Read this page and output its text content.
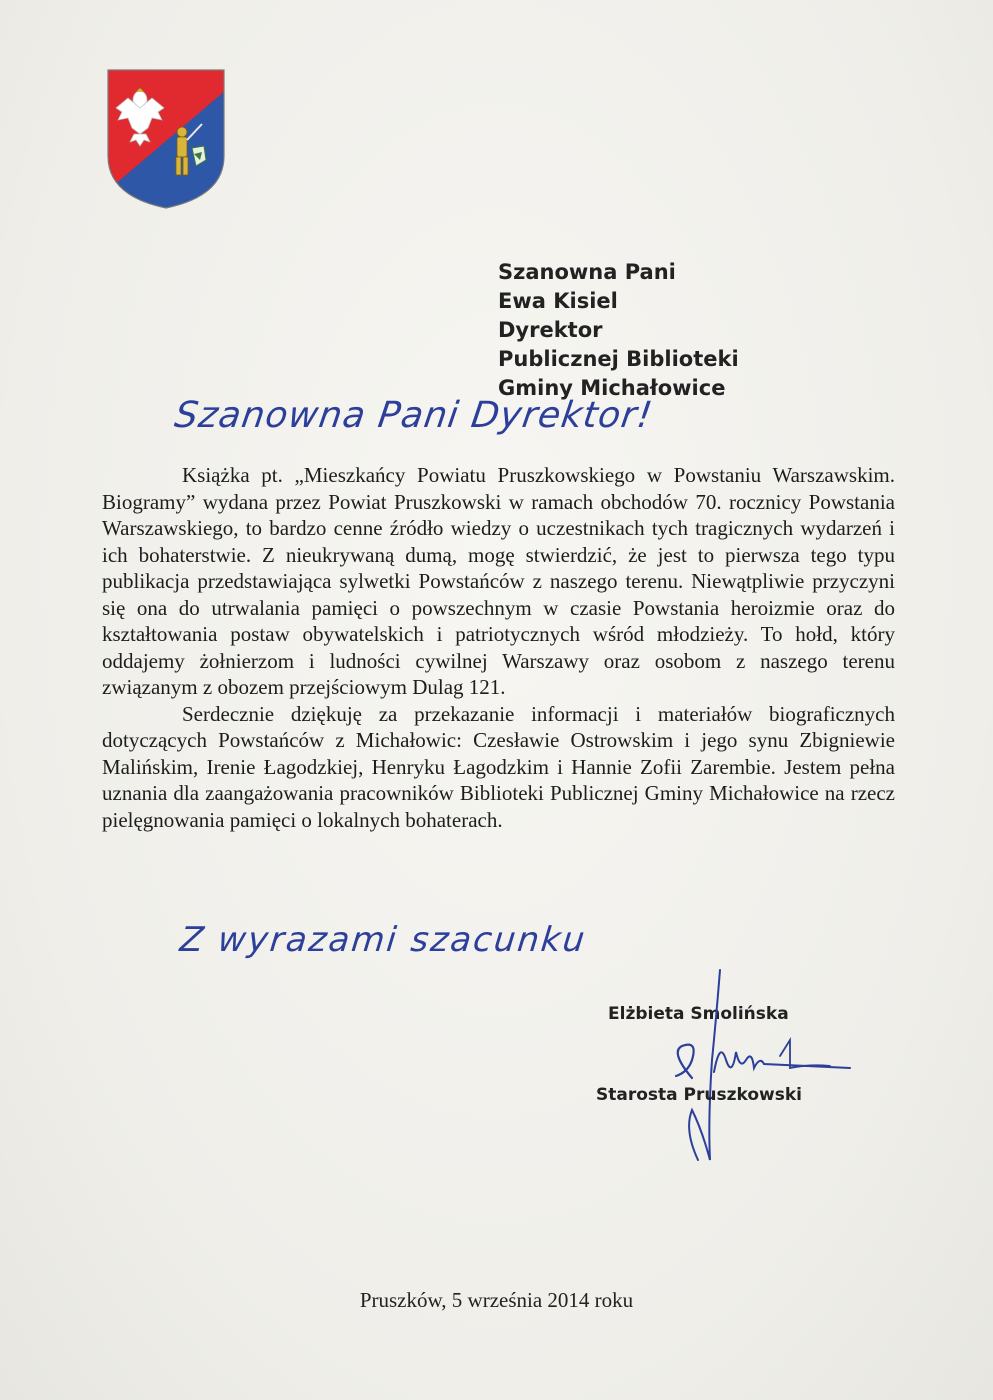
Szanowna Pani
Ewa Kisiel
Dyrektor
Publicznej Biblioteki
Gminy Michałowice
Szanowna Pani Dyrektor!

Książka pt. „Mieszkańcy Powiatu Pruszkowskiego w Powstaniu Warszawskim. Biogramy” wydana przez Powiat Pruszkowski w ramach obchodów 70. rocznicy Powstania Warszawskiego, to bardzo cenne źródło wiedzy o uczestnikach tych tragicznych wydarzeń i ich bohaterstwie. Z nieukrywaną dumą, mogę stwierdzić, że jest to pierwsza tego typu publikacja przedstawiająca sylwetki Powstańców z naszego terenu. Niewątpliwie przyczyni się ona do utrwalania pamięci o powszechnym w czasie Powstania heroizmie oraz do kształtowania postaw obywatelskich i patriotycznych wśród młodzieży. To hołd, który oddajemy żołnierzom i ludności cywilnej Warszawy oraz osobom z naszego terenu związanym z obozem przejściowym Dulag 121.

Serdecznie dziękuję za przekazanie informacji i materiałów biograficznych dotyczących Powstańców z Michałowic: Czesławie Ostrowskim i jego synu Zbigniewie Malińskim, Irenie Łagodzkiej, Henryku Łagodzkim i Hannie Zofii Zarembie. Jestem pełna uznania dla zaangażowania pracowników Biblioteki Publicznej Gminy Michałowice na rzecz pielęgnowania pamięci o lokalnych bohaterach.

Z wyrazami szacunku
Elżbieta Smolińska
Starosta Pruszkowski
Pruszków, 5 września 2014 roku
